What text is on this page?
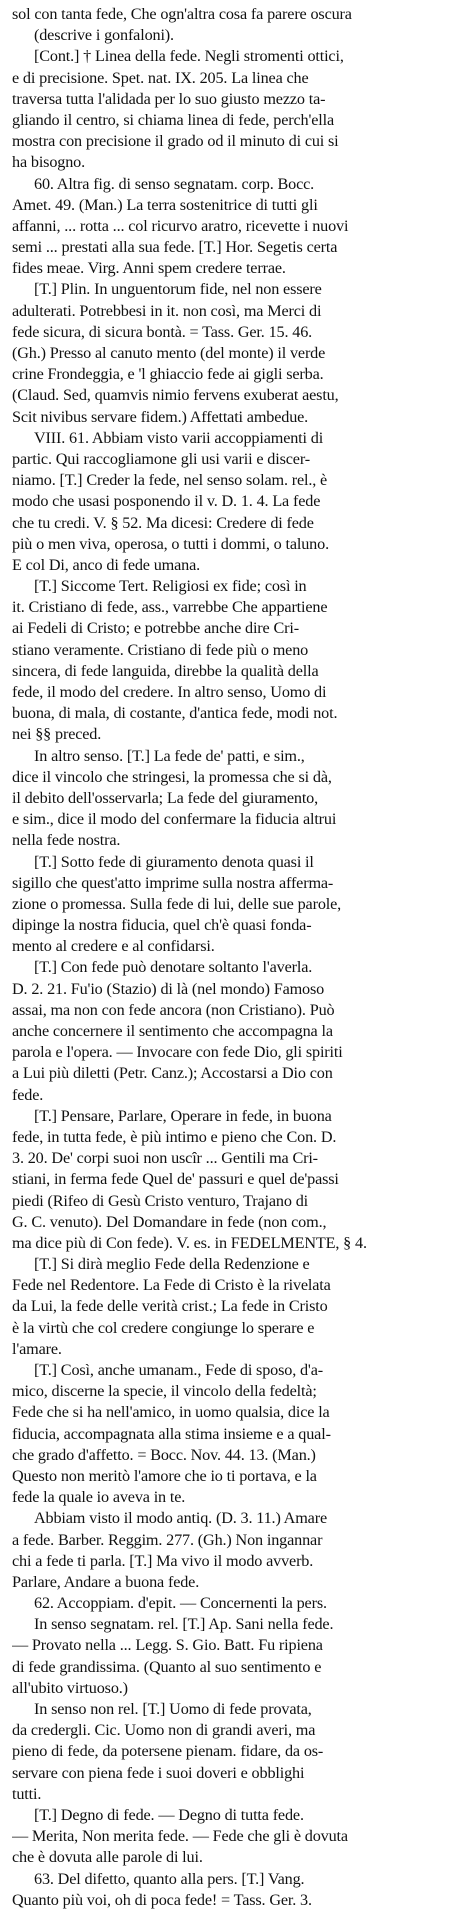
sol con tanta fede, Che ogn'altra cosa fa parere oscura
(descrive i gonfaloni).
[Cont.] † Linea della fede. Negli stromenti ottici,
e di precisione. Spet. nat. IX. 205. La linea che
traversa tutta l'alidada per lo suo giusto mezzo ta-
gliando il centro, si chiama linea di fede, perch'ella
mostra con precisione il grado od il minuto di cui si
ha bisogno.
60. Altra fig. di senso segnatam. corp. Bocc.
Amet. 49. (Man.) La terra sostenitrice di tutti gli
affanni, ... rotta ... col ricurvo aratro, ricevette i nuovi
semi ... prestati alla sua fede. [T.] Hor. Segetis certa
fides meae. Virg. Anni spem credere terrae.
[T.] Plin. In unguentorum fide, nel non essere
adulterati. Potrebbesi in it. non così, ma Merci di
fede sicura, di sicura bontà. = Tass. Ger. 15. 46.
(Gh.) Presso al canuto mento (del monte) il verde
crine Frondeggia, e 'l ghiaccio fede ai gigli serba.
(Claud. Sed, quamvis nimio fervens exuberat aestu,
Scit nivibus servare fidem.) Affettati ambedue.
VIII. 61. Abbiam visto varii accoppiamenti di
partic. Qui raccogliamone gli usi varii e discer-
niamo. [T.] Creder la fede, nel senso solam. rel., è
modo che usasi posponendo il v. D. 1. 4. La fede
che tu credi. V. § 52. Ma dicesi: Credere di fede
più o men viva, operosa, o tutti i dommi, o taluno.
E col Di, anco di fede umana.
[T.] Siccome Tert. Religiosi ex fide; così in
it. Cristiano di fede, ass., varrebbe Che appartiene
ai Fedeli di Cristo; e potrebbe anche dire Cri-
stiano veramente. Cristiano di fede più o meno
sincera, di fede languida, direbbe la qualità della
fede, il modo del credere. In altro senso, Uomo di
buona, di mala, di costante, d'antica fede, modi not.
nei §§ preced.
In altro senso. [T.] La fede de' patti, e sim.,
dice il vincolo che stringesi, la promessa che si dà,
il debito dell'osservarla; La fede del giuramento,
e sim., dice il modo del confermare la fiducia altrui
nella fede nostra.
[T.] Sotto fede di giuramento denota quasi il
sigillo che quest'atto imprime sulla nostra afferma-
zione o promessa. Sulla fede di lui, delle sue parole,
dipinge la nostra fiducia, quel ch'è quasi fonda-
mento al credere e al confidarsi.
[T.] Con fede può denotare soltanto l'averla.
D. 2. 21. Fu'io (Stazio) di là (nel mondo) Famoso
assai, ma non con fede ancora (non Cristiano). Può
anche concernere il sentimento che accompagna la
parola e l'opera. — Invocare con fede Dio, gli spiriti
a Lui più diletti (Petr. Canz.); Accostarsi a Dio con
fede.
[T.] Pensare, Parlare, Operare in fede, in buona
fede, in tutta fede, è più intimo e pieno che Con. D.
3. 20. De' corpi suoi non uscîr ... Gentili ma Cri-
stiani, in ferma fede Quel de' passuri e quel de'passi
piedi (Rifeo di Gesù Cristo venturo, Trajano di
G. C. venuto). Del Domandare in fede (non com.,
ma dice più di Con fede). V. es. in FEDELMENTE, § 4.
[T.] Si dirà meglio Fede della Redenzione e
Fede nel Redentore. La Fede di Cristo è la rivelata
da Lui, la fede delle verità crist.; La fede in Cristo
è la virtù che col credere congiunge lo sperare e
l'amare.
[T.] Così, anche umanam., Fede di sposo, d'a-
mico, discerne la specie, il vincolo della fedeltà;
Fede che si ha nell'amico, in uomo qualsia, dice la
fiducia, accompagnata alla stima insieme e a qual-
che grado d'affetto. = Bocc. Nov. 44. 13. (Man.)
Questo non meritò l'amore che io ti portava, e la
fede la quale io aveva in te.
Abbiam visto il modo antiq. (D. 3. 11.) Amare
a fede. Barber. Reggim. 277. (Gh.) Non ingannar
chi a fede ti parla. [T.] Ma vivo il modo avverb.
Parlare, Andare a buona fede.
62. Accoppiam. d'epit. — Concernenti la pers.
In senso segnatam. rel. [T.] Ap. Sani nella fede.
— Provato nella ... Legg. S. Gio. Batt. Fu ripiena
di fede grandissima. (Quanto al suo sentimento e
all'ubito virtuoso.)
In senso non rel. [T.] Uomo di fede provata,
da credergli. Cic. Uomo non di grandi averi, ma
pieno di fede, da potersene pienam. fidare, da os-
servare con piena fede i suoi doveri e obblighi
tutti.
[T.] Degno di fede. — Degno di tutta fede.
— Merita, Non merita fede. — Fede che gli è dovuta
che è dovuta alle parole di lui.
63. Del difetto, quanto alla pers. [T.] Vang.
Quanto più voi, oh di poca fede! = Tass. Ger. 3.
